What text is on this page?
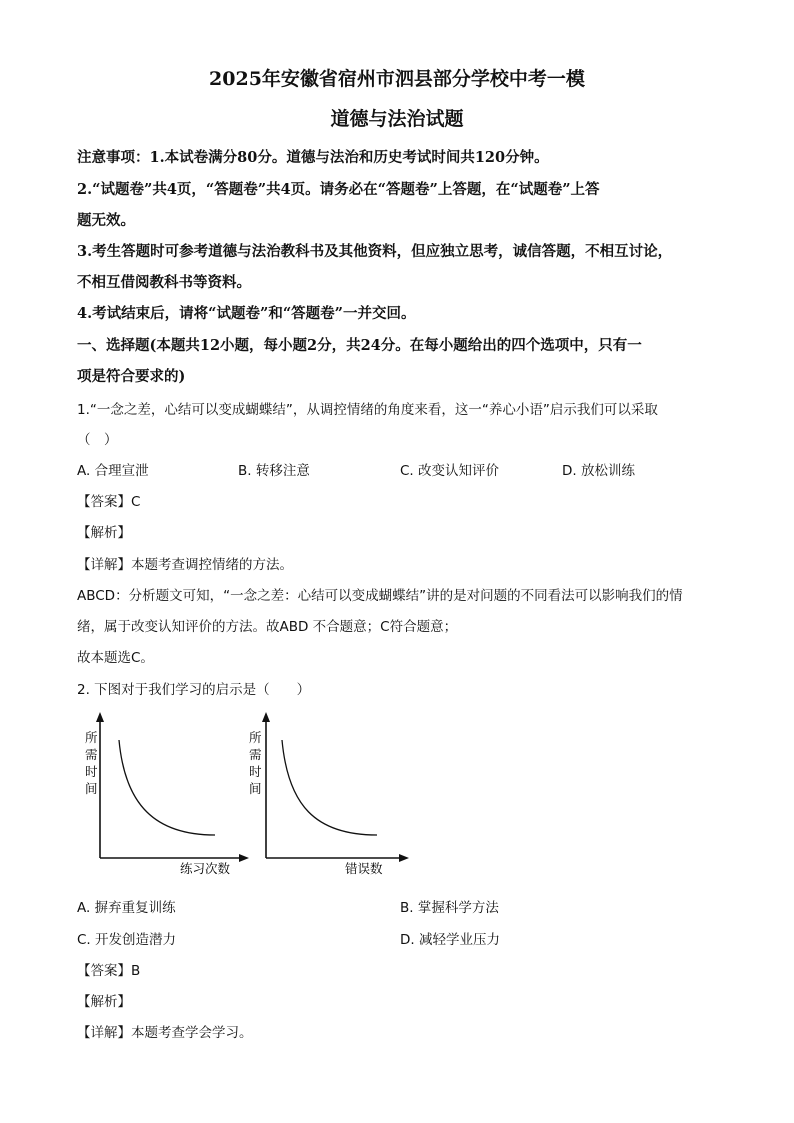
2025年安徽省宿州市泗县部分学校中考一模
道德与法治试题
注意事项：1.本试卷满分80分。道德与法治和历史考试时间共120分钟。
2.“试题卷”共4页，“答题卷”共4页。请务必在“答题卷”上答题，在“试题卷”上答
题无效。
3.考生答题时可参考道德与法治教科书及其他资料，但应独立思考，诚信答题，不相互讨论，
不相互借阅教科书等资料。
4.考试结束后，请将“试题卷”和“答题卷”一并交回。
一、选择题(本题共12小题，每小题2分，共24分。在每小题给出的四个选项中，只有一
项是符合要求的)
1.“一念之差，心结可以变成蝴蝶结”，从调控情绪的角度来看，这一“养心小语”启示我们可以采取
（　）
A. 合理宣泄	B. 转移注意	C. 改变认知评价	D. 放松训练
【答案】C
【解析】
【详解】本题考查调控情绪的方法。
ABCD：分析题文可知，“一念之差：心结可以变成蝴蝶结”讲的是对问题的不同看法可以影响我们的情
绪，属于改变认知评价的方法。故ABD 不合题意；C符合题意；
故本题选C。
2. 下图对于我们学习的启示是（　　）
所
需
时
间
练习次数
所
需
时
间
错误数
A. 摒弃重复训练	B. 掌握科学方法
C. 开发创造潜力	D. 减轻学业压力
【答案】B
【解析】
【详解】本题考查学会学习。
